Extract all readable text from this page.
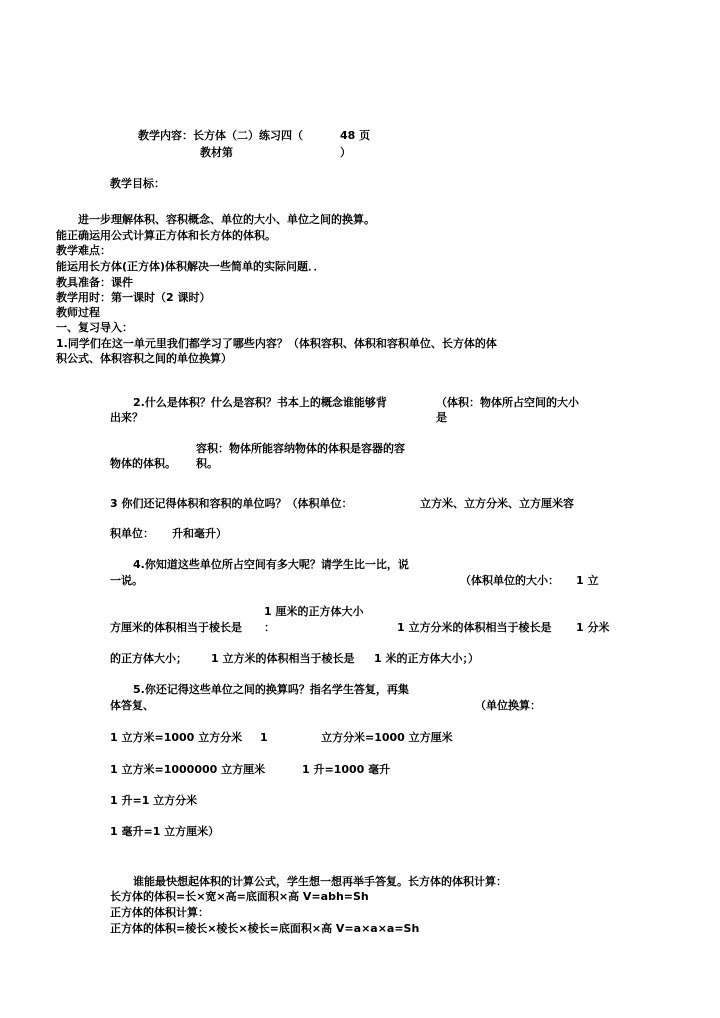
教学内容：长方体（二）练习四（	48 页
教材第	）
教学目标：
进一步理解体积、容积概念、单位的大小、单位之间的换算。
能正确运用公式计算正方体和长方体的体积。
教学难点：
能运用长方体(正方体)体积解决一些简单的实际问题．．
教具准备：课件
教学用时：第一课时（2 课时）
教师过程
一、复习导入：
1.同学们在这一单元里我们都学习了哪些内容？（体积容积、体积和容积单位、长方体的体
积公式、体积容积之间的单位换算）
2.什么是体积？什么是容积？书本上的概念谁能够背
出来？
（体积：物体所占空间的大小
是
容积：物体所能容纳物体的体积是容器的容
物体的体积。 积。
3 你们还记得体积和容积的单位吗？（体积单位：	立方米、立方分米、立方厘米容
积单位： 升和毫升）
4.你知道这些单位所占空间有多大呢？请学生比一比，说
一说。	（体积单位的大小： 1 立
1 厘米的正方体大小
方厘米的体积相当于棱长是 ：	1 立方分米的体积相当于棱长是 1 分米
的正方体大小； 1 立方米的体积相当于棱长是 1 米的正方体大小；）
5.你还记得这些单位之间的换算吗？指名学生答复，再集
体答复、	（单位换算：
1 立方米=1000 立方分米 1	立方分米=1000 立方厘米
1 立方米=1000000 立方厘米	1 升=1000 毫升
1 升=1 立方分米
1 毫升=1 立方厘米）
谁能最快想起体积的计算公式，学生想一想再举手答复。长方体的体积计算：
长方体的体积=长×宽×高=底面积×高 V=abh=Sh
正方体的体积计算：
正方体的体积=棱长×棱长×棱长=底面积×高 V=a×a×a=Sh
